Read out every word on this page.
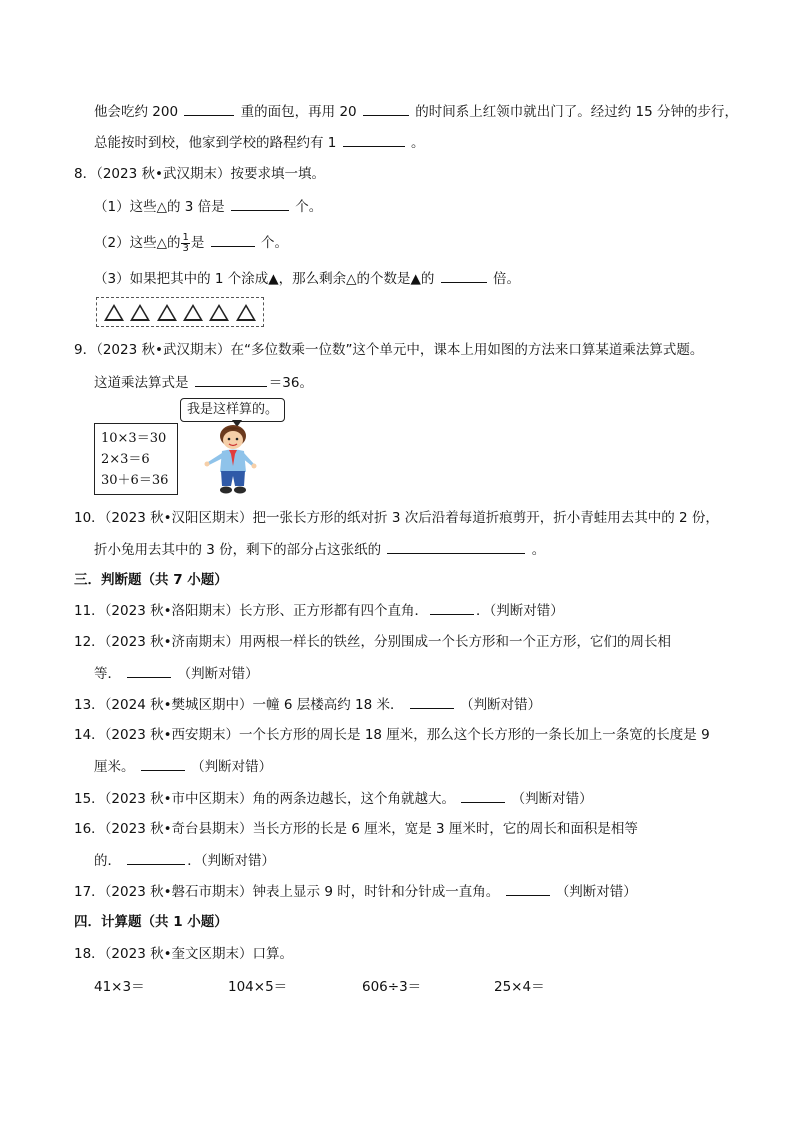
他会吃约 200	重的面包，再用 20	的时间系上红领巾就出门了。经过约 15 分钟的步行，
总能按时到校，他家到学校的路程约有 1	。
8．（2023 秋•武汉期末）按要求填一填。
（1）这些△的 3 倍是	个。
（2）这些△的 $\frac{1}{3}$ 是	个。
（3）如果把其中的 1 个涂成▲，那么剩余△的个数是▲的	倍。
9．（2023 秋•武汉期末）在“多位数乘一位数”这个单元中，课本上用如图的方法来口算某道乘法算式题。
这道乘法算式是	＝36。
我是这样算的。
10×3＝30
2×3＝6
30＋6＝36
10．（2023 秋•汉阳区期末）把一张长方形的纸对折 3 次后沿着每道折痕剪开，折小青蛙用去其中的 2 份，
折小兔用去其中的 3 份，剩下的部分占这张纸的	。
三．判断题（共 7 小题）
11．（2023 秋•洛阳期末）长方形、正方形都有四个直角．	．（判断对错）
12．（2023 秋•济南期末）用两根一样长的铁丝，分别围成一个长方形和一个正方形，它们的周长相
等．	（判断对错）
13．（2024 秋•樊城区期中）一幢 6 层楼高约 18 米．	（判断对错）
14．（2023 秋•西安期末）一个长方形的周长是 18 厘米，那么这个长方形的一条长加上一条宽的长度是 9
厘米。	（判断对错）
15．（2023 秋•市中区期末）角的两条边越长，这个角就越大。	（判断对错）
16．（2023 秋•奇台县期末）当长方形的长是 6 厘米，宽是 3 厘米时，它的周长和面积是相等
的．	．（判断对错）
17．（2023 秋•磐石市期末）钟表上显示 9 时，时针和分针成一直角。	（判断对错）
四．计算题（共 1 小题）
18．（2023 秋•奎文区期末）口算。
41×3＝	104×5＝	606÷3＝	25×4＝
